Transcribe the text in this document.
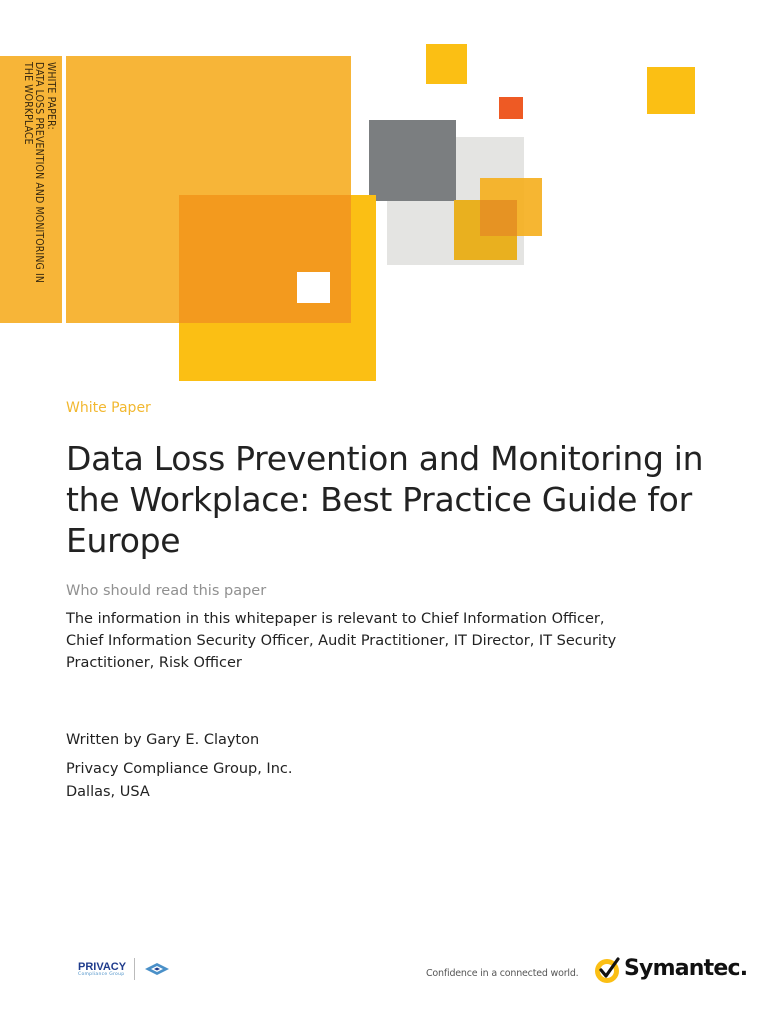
WHITE PAPER:
DATA LOSS PREVENTION AND MONITORING IN
THE WORKPLACE
White Paper
Data Loss Prevention and Monitoring in the Workplace: Best Practice Guide for Europe
Who should read this paper
The information in this whitepaper is relevant to Chief Information Officer, Chief Information Security Officer, Audit Practitioner, IT Director, IT Security Practitioner, Risk Officer
Written by Gary E. Clayton
Privacy Compliance Group, Inc.
Dallas, USA
PRIVACY
Compliance Group	Confidence in a connected world. Symantec.
